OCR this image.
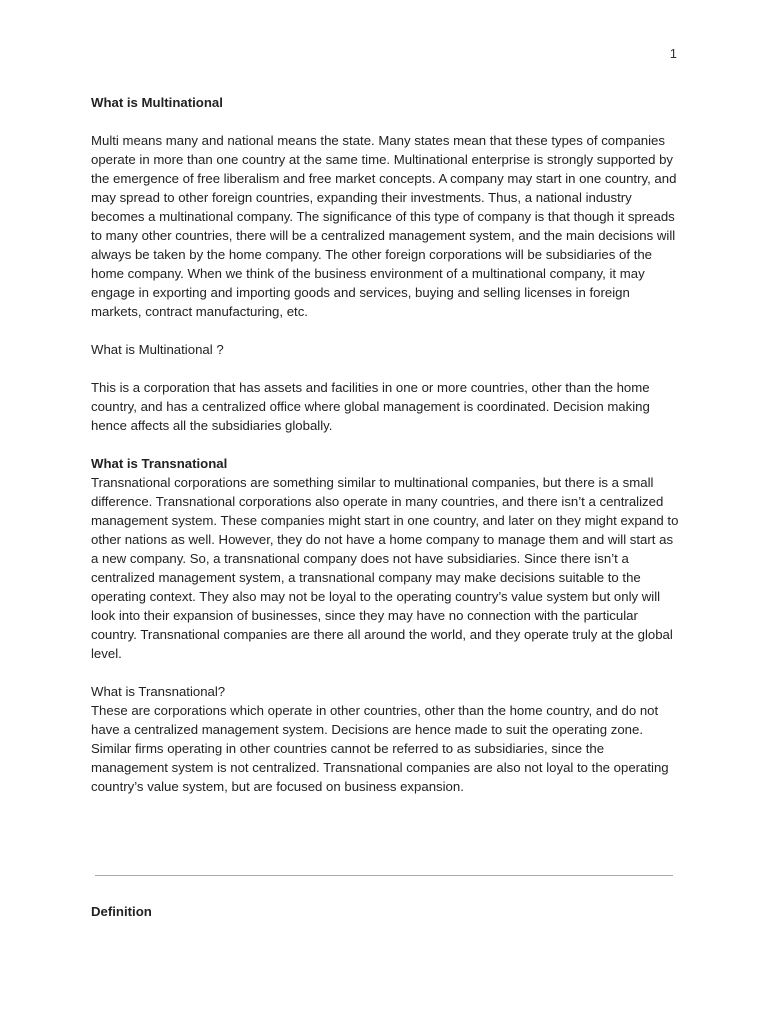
1

What is Multinational

Multi means many and national means the state. Many states mean that these types of companies operate in more than one country at the same time. Multinational enterprise is strongly supported by the emergence of free liberalism and free market concepts. A company may start in one country, and may spread to other foreign countries, expanding their investments. Thus, a national industry becomes a multinational company. The significance of this type of company is that though it spreads to many other countries, there will be a centralized management system, and the main decisions will always be taken by the home company. The other foreign corporations will be subsidiaries of the home company. When we think of the business environment of a multinational company, it may engage in exporting and importing goods and services, buying and selling licenses in foreign markets, contract manufacturing, etc.

What is Multinational ?

This is a corporation that has assets and facilities in one or more countries, other than the home country, and has a centralized office where global management is coordinated. Decision making hence affects all the subsidiaries globally.

What is Transnational

Transnational corporations are something similar to multinational companies, but there is a small difference. Transnational corporations also operate in many countries, and there isn’t a centralized management system. These companies might start in one country, and later on they might expand to other nations as well. However, they do not have a home company to manage them and will start as a new company. So, a transnational company does not have subsidiaries. Since there isn’t a centralized management system, a transnational company may make decisions suitable to the operating context. They also may not be loyal to the operating country’s value system but only will look into their expansion of businesses, since they may have no connection with the particular country. Transnational companies are there all around the world, and they operate truly at the global level.

What is Transnational?

These are corporations which operate in other countries, other than the home country, and do not have a centralized management system. Decisions are hence made to suit the operating zone. Similar firms operating in other countries cannot be referred to as subsidiaries, since the management system is not centralized. Transnational companies are also not loyal to the operating country’s value system, but are focused on business expansion.

Definition
